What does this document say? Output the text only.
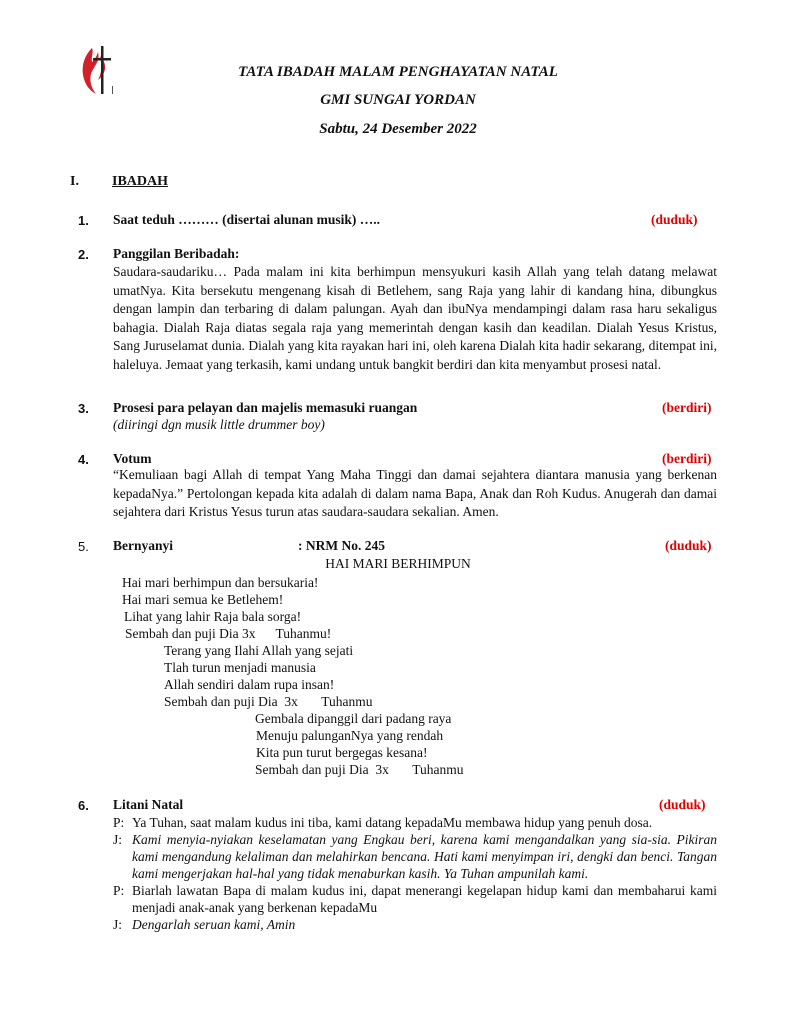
TATA IBADAH MALAM PENGHAYATAN NATAL
GMI SUNGAI YORDAN
Sabtu, 24 Desember 2022
I. IBADAH
1. Saat teduh ……… (disertai alunan musik) …..	(duduk)
2. Panggilan Beribadah:
Saudara-saudariku… Pada malam ini kita berhimpun mensyukuri kasih Allah yang telah datang melawat umatNya. Kita bersekutu mengenang kisah di Betlehem, sang Raja yang lahir di kandang hina, dibungkus dengan lampin dan terbaring di dalam palungan. Ayah dan ibuNya mendampingi dalam rasa haru sekaligus bahagia. Dialah Raja diatas segala raja yang memerintah dengan kasih dan keadilan. Dialah Yesus Kristus, Sang Juruselamat dunia. Dialah yang kita rayakan hari ini, oleh karena Dialah kita hadir sekarang, ditempat ini, haleluya. Jemaat yang terkasih, kami undang untuk bangkit berdiri dan kita menyambut prosesi natal.
3. Prosesi para pelayan dan majelis memasuki ruangan	(berdiri)
(diiringi dgn musik little drummer boy)
4. Votum	(berdiri)
“Kemuliaan bagi Allah di tempat Yang Maha Tinggi dan damai sejahtera diantara manusia yang berkenan kepadaNya.” Pertolongan kepada kita adalah di dalam nama Bapa, Anak dan Roh Kudus. Anugerah dan damai sejahtera dari Kristus Yesus turun atas saudara-saudara sekalian. Amen.
5. Bernyanyi	: NRM No. 245	(duduk)
HAI MARI BERHIMPUN
Hai mari berhimpun dan bersukaria!
Hai mari semua ke Betlehem!
Lihat yang lahir Raja bala sorga!
Sembah dan puji Dia 3x      Tuhanmu!
Terang yang Ilahi Allah yang sejati
Tlah turun menjadi manusia
Allah sendiri dalam rupa insan!
Sembah dan puji Dia  3x       Tuhanmu
Gembala dipanggil dari padang raya
Menuju palunganNya yang rendah
Kita pun turut bergegas kesana!
Sembah dan puji Dia  3x       Tuhanmu
6. Litani Natal	(duduk)
P: Ya Tuhan, saat malam kudus ini tiba, kami datang kepadaMu membawa hidup yang penuh dosa.
J: Kami menyia-nyiakan keselamatan yang Engkau beri, karena kami mengandalkan yang sia-sia. Pikiran kami mengandung kelaliman dan melahirkan bencana. Hati kami menyimpan iri, dengki dan benci. Tangan kami mengerjakan hal-hal yang tidak menaburkan kasih. Ya Tuhan ampunilah kami.
P: Biarlah lawatan Bapa di malam kudus ini, dapat menerangi kegelapan hidup kami dan membaharui kami menjadi anak-anak yang berkenan kepadaMu
J: Dengarlah seruan kami, Amin
